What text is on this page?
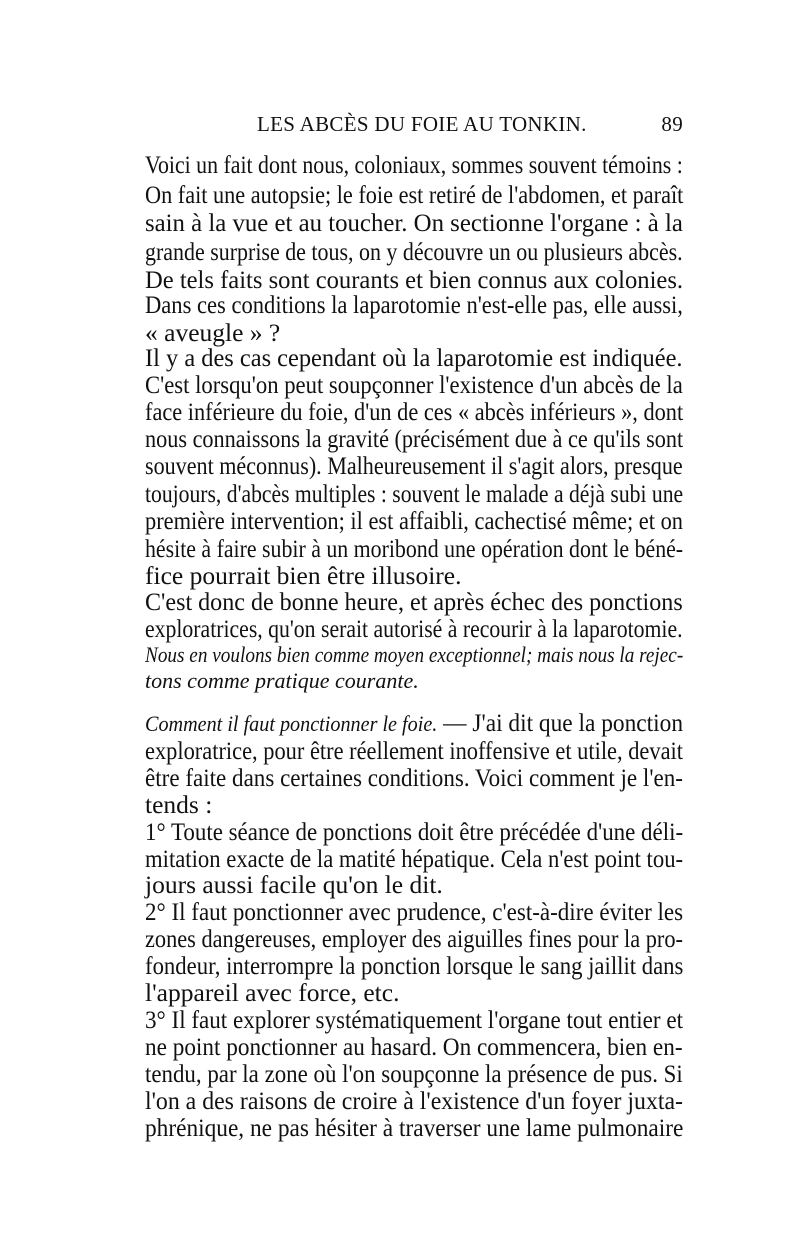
LES ABCÈS DU FOIE AU TONKIN.	89
Voici un fait dont nous, coloniaux, sommes souvent témoins :
On fait une autopsie; le foie est retiré de l'abdomen, et paraît
sain à la vue et au toucher. On sectionne l'organe : à la
grande surprise de tous, on y découvre un ou plusieurs abcès.
De tels faits sont courants et bien connus aux colonies.
Dans ces conditions la laparotomie n'est-elle pas, elle aussi,
« aveugle » ?
Il y a des cas cependant où la laparotomie est indiquée.
C'est lorsqu'on peut soupçonner l'existence d'un abcès de la
face inférieure du foie, d'un de ces « abcès inférieurs », dont
nous connaissons la gravité (précisément due à ce qu'ils sont
souvent méconnus). Malheureusement il s'agit alors, presque
toujours, d'abcès multiples : souvent le malade a déjà subi une
première intervention; il est affaibli, cachectisé même; et on
hésite à faire subir à un moribond une opération dont le béné-
fice pourrait bien être illusoire.
C'est donc de bonne heure, et après échec des ponctions
exploratrices, qu'on serait autorisé à recourir à la laparotomie.
Nous en voulons bien comme moyen exceptionnel; mais nous la rejec-
tons comme pratique courante.
Comment il faut ponctionner le foie. — J'ai dit que la ponction
exploratrice, pour être réellement inoffensive et utile, devait
être faite dans certaines conditions. Voici comment je l'en-
tends :
1° Toute séance de ponctions doit être précédée d'une déli-
mitation exacte de la matité hépatique. Cela n'est point tou-
jours aussi facile qu'on le dit.
2° Il faut ponctionner avec prudence, c'est-à-dire éviter les
zones dangereuses, employer des aiguilles fines pour la pro-
fondeur, interrompre la ponction lorsque le sang jaillit dans
l'appareil avec force, etc.
3° Il faut explorer systématiquement l'organe tout entier et
ne point ponctionner au hasard. On commencera, bien en-
tendu, par la zone où l'on soupçonne la présence de pus. Si
l'on a des raisons de croire à l'existence d'un foyer juxta-
phrénique, ne pas hésiter à traverser une lame pulmonaire
